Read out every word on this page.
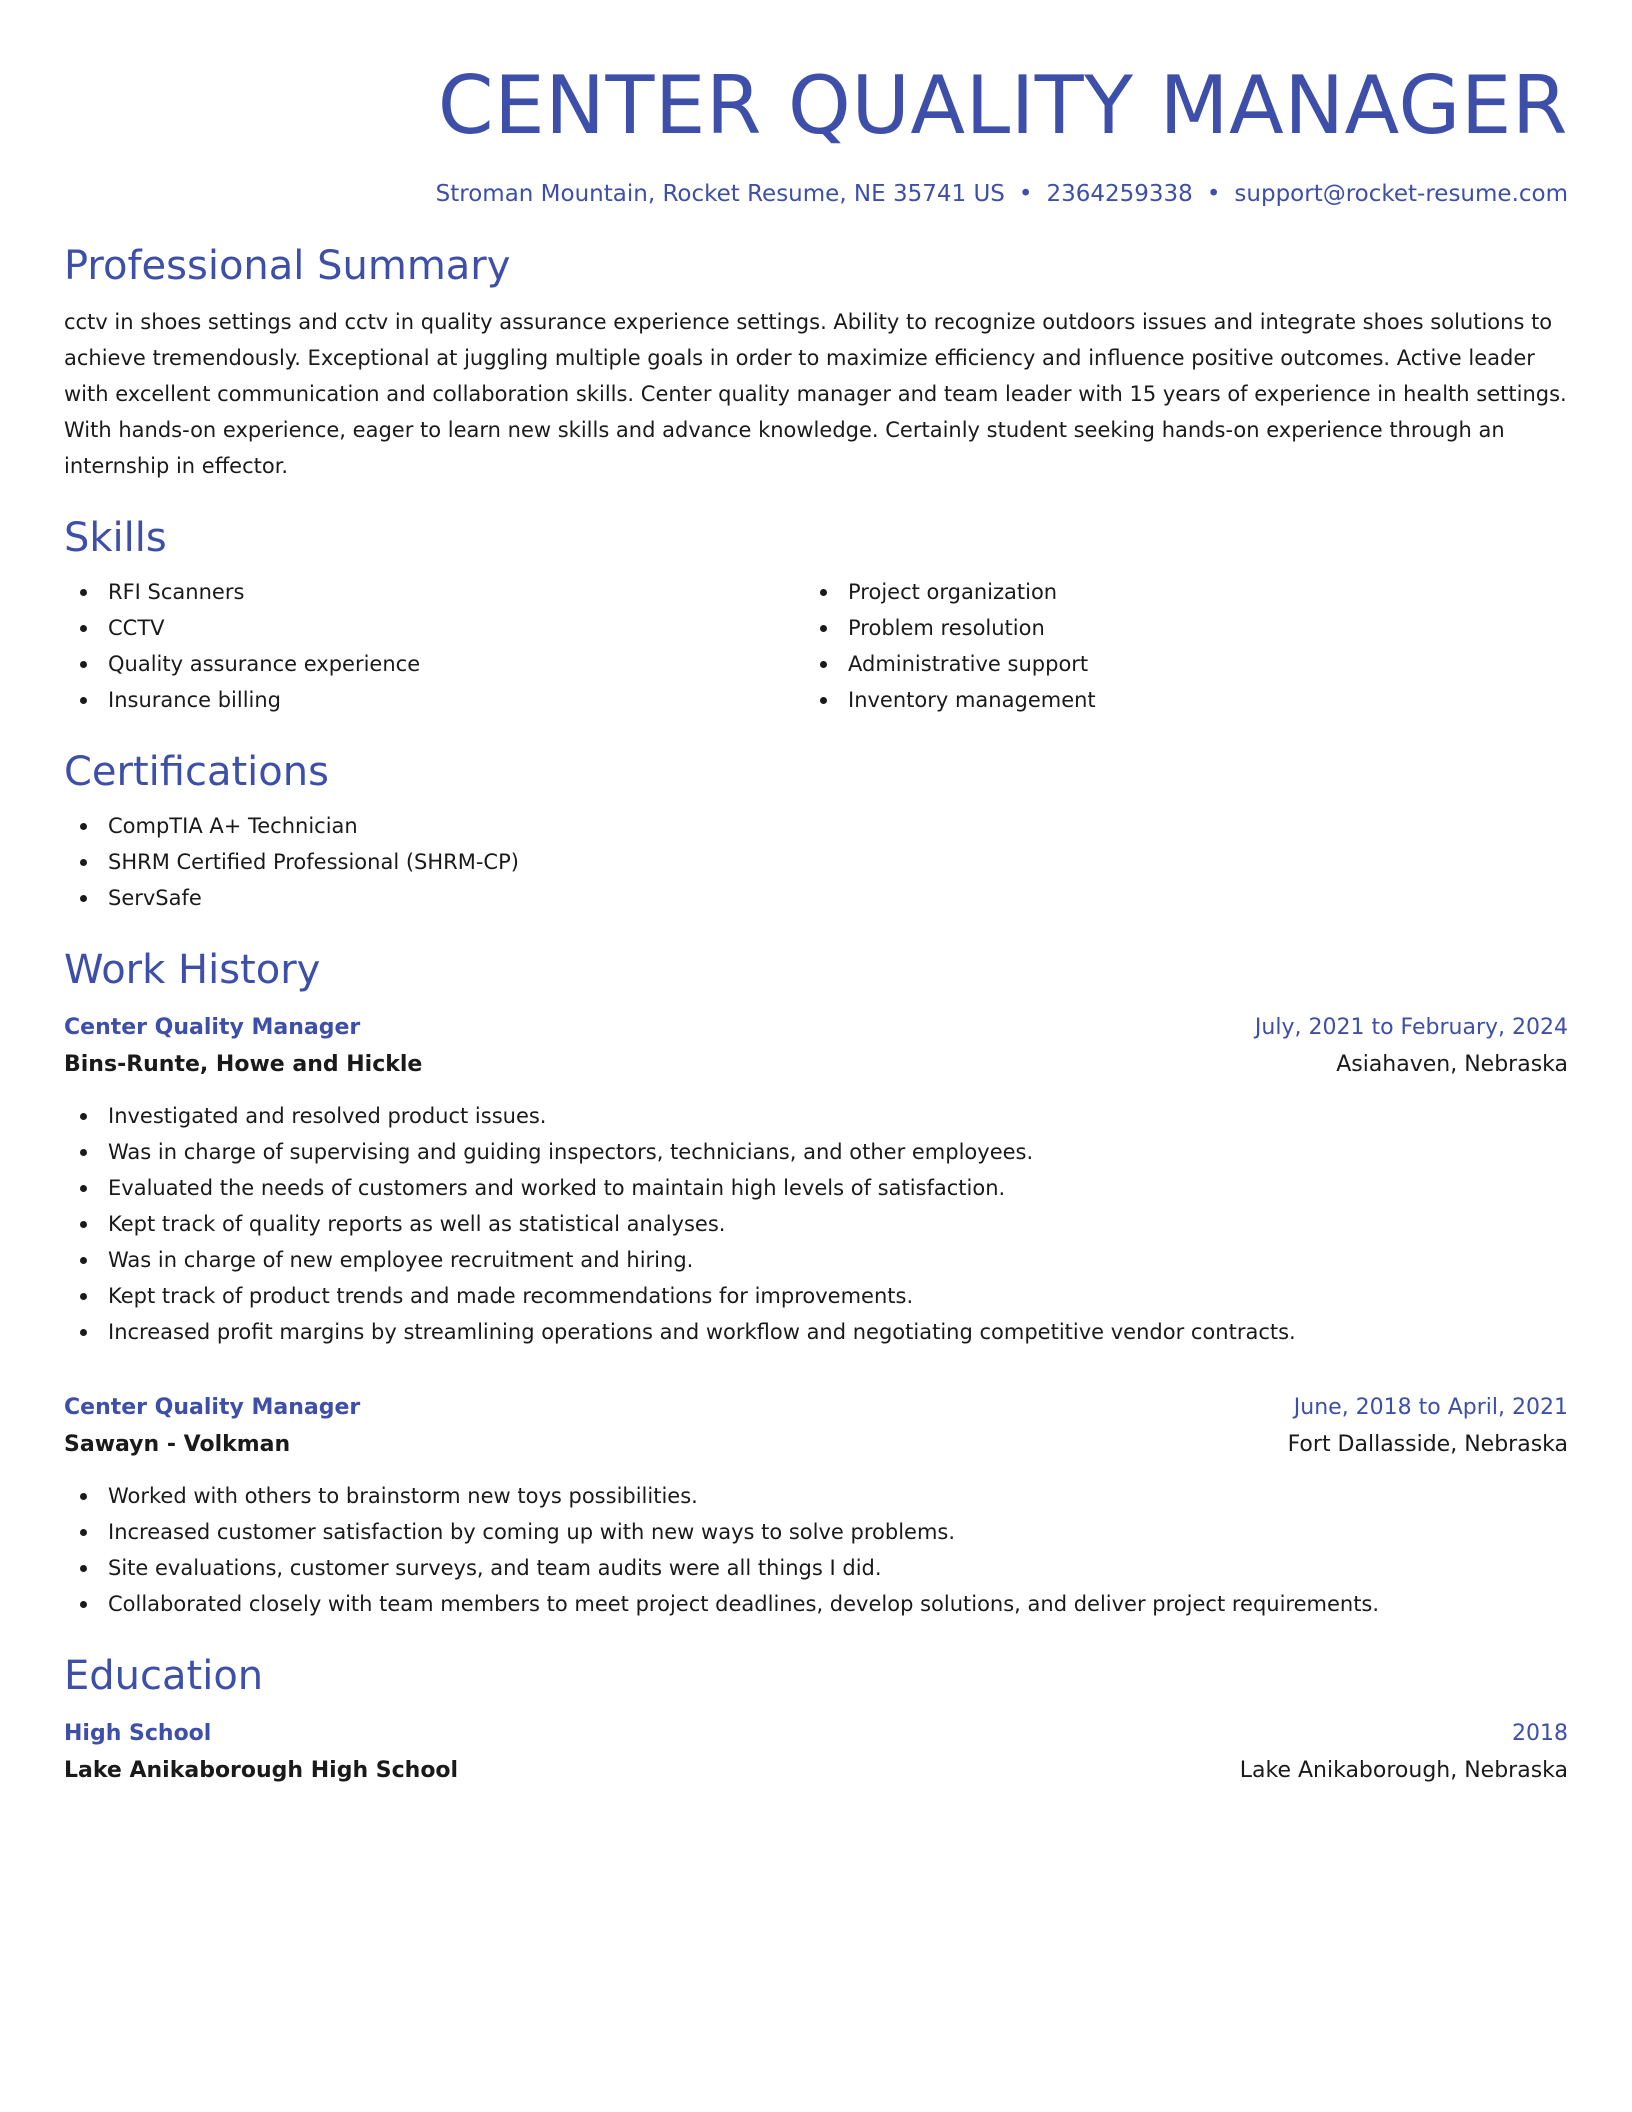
CENTER QUALITY MANAGER
Stroman Mountain, Rocket Resume, NE 35741 US • 2364259338 • support@rocket-resume.com
Professional Summary

cctv in shoes settings and cctv in quality assurance experience settings. Ability to recognize outdoors issues and integrate shoes solutions to achieve tremendously. Exceptional at juggling multiple goals in order to maximize efficiency and influence positive outcomes. Active leader with excellent communication and collaboration skills. Center quality manager and team leader with 15 years of experience in health settings. With hands-on experience, eager to learn new skills and advance knowledge. Certainly student seeking hands-on experience through an internship in effector.

Skills
RFI Scanners
CCTV
Quality assurance experience
Insurance billing
Project organization
Problem resolution
Administrative support
Inventory management
Certifications
CompTIA A+ Technician
SHRM Certified Professional (SHRM-CP)
ServSafe
Work History
Center Quality Manager	July, 2021 to February, 2024
Bins-Runte, Howe and Hickle	Asiahaven, Nebraska
Investigated and resolved product issues.
Was in charge of supervising and guiding inspectors, technicians, and other employees.
Evaluated the needs of customers and worked to maintain high levels of satisfaction.
Kept track of quality reports as well as statistical analyses.
Was in charge of new employee recruitment and hiring.
Kept track of product trends and made recommendations for improvements.
Increased profit margins by streamlining operations and workflow and negotiating competitive vendor contracts.
Center Quality Manager	June, 2018 to April, 2021
Sawayn - Volkman	Fort Dallasside, Nebraska
Worked with others to brainstorm new toys possibilities.
Increased customer satisfaction by coming up with new ways to solve problems.
Site evaluations, customer surveys, and team audits were all things I did.
Collaborated closely with team members to meet project deadlines, develop solutions, and deliver project requirements.
Education
High School	2018
Lake Anikaborough High School	Lake Anikaborough, Nebraska
